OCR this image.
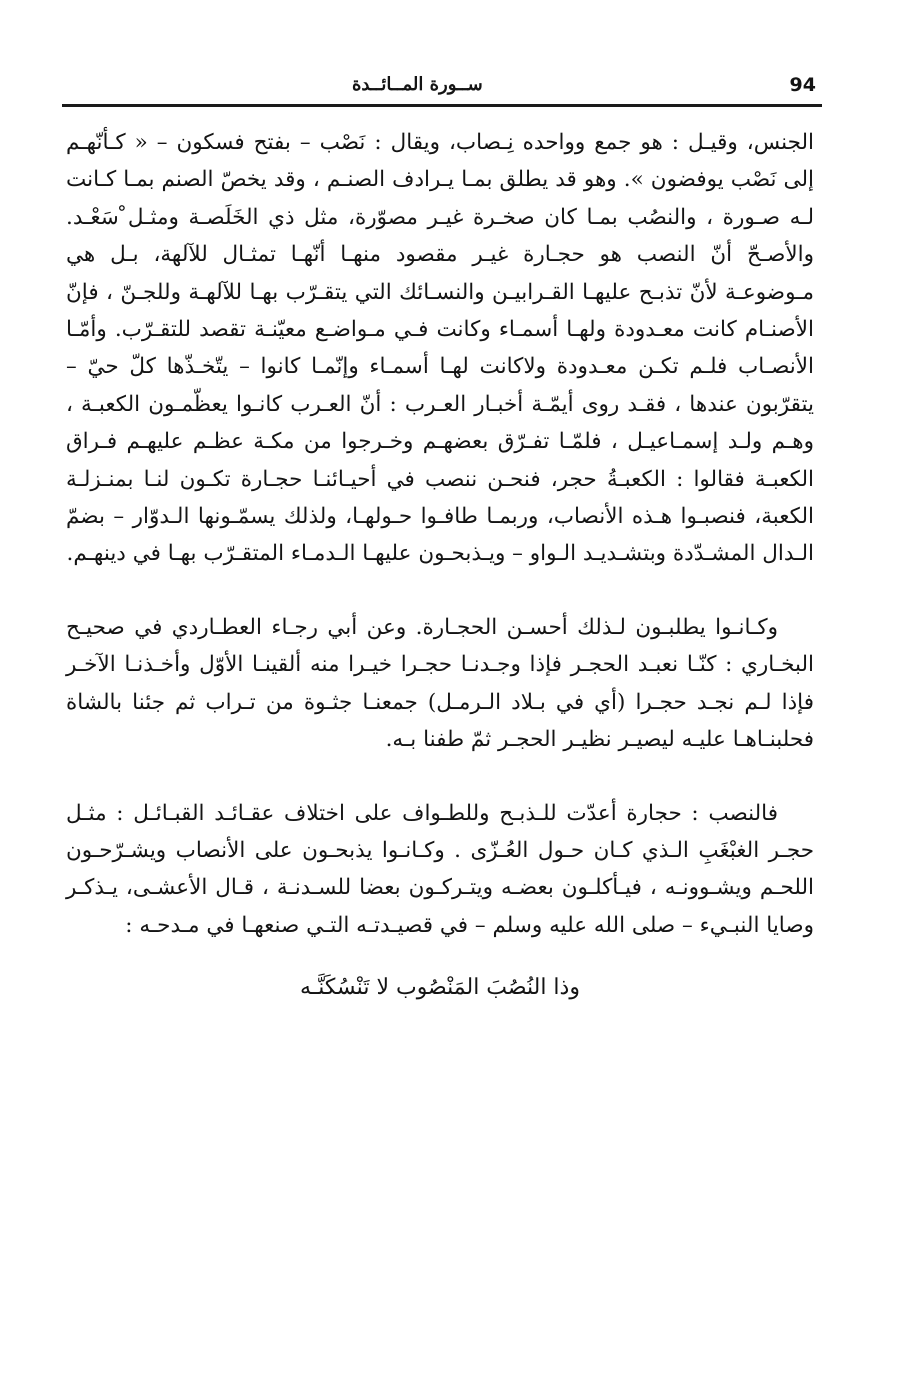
94
ســورة المــائــدة

الجنس، وقيـل : هو جمع وواحده نِـصاب، ويقال : نَصْب – بفتح فسكون – « كـأنّهـم إلى نَصْب يوفضون ». وهو قد يطلق بمـا يـرادف الصنـم ، وقد يخصّ الصنم بمـا كـانت لـه صـورة ، والنصُب بمـا كان صخـرة غيـر مصوّرة، مثل ذي الخَلَصـة ومثـل ْسَعْـد. والأصـحّ أنّ النصب هو حجـارة غيـر مقصود منهـا أنّهـا تمثـال للآلهة، بـل هي مـوضوعـة لأنّ تذبـح عليهـا القـرابيـن والنسـائك التي يتقـرّب بهـا للآلهـة وللجـنّ ، فإنّ الأصنـام كانت معـدودة ولهـا أسمـاء وكانت فـي مـواضـع معيّنـة تقصد للتقـرّب. وأمّـا الأنصـاب فلـم تكـن معـدودة ولاكانت لهـا أسمـاء وإنّمـا كانوا – يتّخـذّها كلّ حيّ – يتقرّبون عندها ، فقـد روى أيمّـة أخبـار العـرب : أنّ العـرب كانـوا يعظّمـون الكعبـة ، وهـم ولـد إسمـاعيـل ، فلمّـا تفـرّق بعضهـم وخـرجوا من مكـة عظـم عليهـم فـراق الكعبـة فقالوا : الكعبـةُ حجر، فنحـن ننصب في أحيـائنـا حجـارة تكـون لنـا بمنـزلـة الكعبة، فنصبـوا هـذه الأنصاب، وربمـا طافـوا حـولهـا، ولذلك يسمّـونها الـدوّار – بضمّ الـدال المشـدّدة وبتشـديـد الـواو – ويـذبحـون عليهـا الـدمـاء المتقـرّب بهـا في دينهـم.

وكـانـوا يطلبـون لـذلك أحسـن الحجـارة. وعن أبي رجـاء العطـاردي في صحيـح البخـاري : كنّـا نعبـد الحجـر فإذا وجـدنـا حجـرا خيـرا منه ألقينـا الأوّل وأخـذنـا الآخـر فإذا لـم نجـد حجـرا (أي في بـلاد الـرمـل) جمعنـا جثـوة من تـراب ثم جئنا بالشاة فحلبنـاهـا عليـه ليصيـر نظيـر الحجـر ثمّ طفنا بـه.

فالنصب : حجارة أعدّت للـذبـح وللطـواف على اختلاف عقـائـد القبـائـل : مثـل حجـر الغبْغَبِ الـذي كـان حـول العُـزّى . وكـانـوا يذبحـون على الأنصاب ويشـرّحـون اللحـم ويشـوونـه ، فيـأكلـون بعضـه ويتـركـون بعضا للسـدنـة ، قـال الأعشـى، يـذكـر وصايا النبـيء – صلى الله عليه وسلم – في قصيـدتـه التـي صنعهـا في مـدحـه :

وذا النُصُبَ المَنْصُوب لا تَنْسُكَنَّـه
